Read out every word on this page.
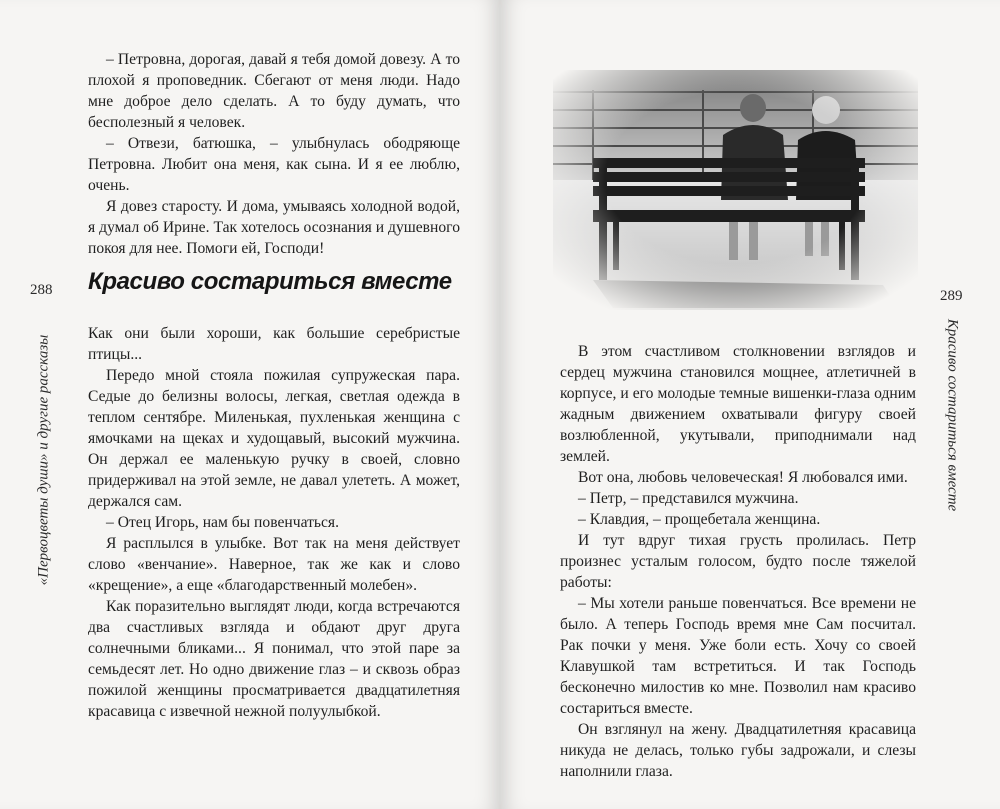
«Первоцветы души» и другие рассказы
288

– Петровна, дорогая, давай я тебя домой довезу. А то плохой я проповедник. Сбегают от меня люди. Надо мне доброе дело сделать. А то буду думать, что бесполезный я человек.

– Отвези, батюшка, – улыбнулась ободряюще Петровна. Любит она меня, как сына. И я ее люблю, очень.

Я довез старосту. И дома, умываясь холодной водой, я думал об Ирине. Так хотелось осознания и душевного покоя для нее. Помоги ей, Господи!

Красиво состариться вместе

Как они были хороши, как большие серебристые птицы...

Передо мной стояла пожилая супружеская пара. Седые до белизны волосы, легкая, светлая одежда в теплом сентябре. Миленькая, пухленькая женщина с ямочками на щеках и худощавый, высокий мужчина. Он держал ее маленькую ручку в своей, словно придерживал на этой земле, не давал улететь. А может, держался сам.

– Отец Игорь, нам бы повенчаться.

Я расплылся в улыбке. Вот так на меня действует слово «венчание». Наверное, так же как и слово «крещение», а еще «благодарственный молебен».

Как поразительно выглядят люди, когда встречаются два счастливых взгляда и обдают друг друга солнечными бликами... Я понимал, что этой паре за семьдесят лет. Но одно движение глаз – и сквозь образ пожилой женщины просматривается двадцатилетняя красавица с извечной нежной полуулыбкой.

Красиво состариться вместе
289

В этом счастливом столкновении взглядов и сердец мужчина становился мощнее, атлетичней в корпусе, и его молодые темные вишенки-глаза одним жадным движением охватывали фигуру своей возлюбленной, укутывали, приподнимали над землей.

Вот она, любовь человеческая! Я любовался ими.

– Петр, – представился мужчина.

– Клавдия, – прощебетала женщина.

И тут вдруг тихая грусть пролилась. Петр произнес усталым голосом, будто после тяжелой работы:

– Мы хотели раньше повенчаться. Все времени не было. А теперь Господь время мне Сам посчитал. Рак почки у меня. Уже боли есть. Хочу со своей Клавушкой там встретиться. И так Господь бесконечно милостив ко мне. Позволил нам красиво состариться вместе.

Он взглянул на жену. Двадцатилетняя красавица никуда не делась, только губы задрожали, и слезы наполнили глаза.
